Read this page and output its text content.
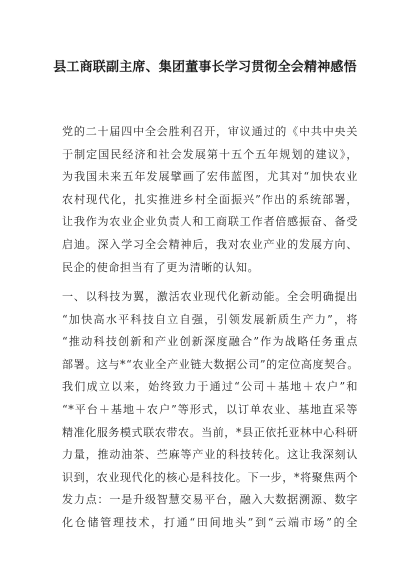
县工商联副主席、集团董事长学习贯彻全会精神感悟
党的二十届四中全会胜利召开，审议通过的《中共中央关
于制定国民经济和社会发展第十五个五年规划的建议》，
为我国未来五年发展擘画了宏伟蓝图，尤其对“加快农业
农村现代化，扎实推进乡村全面振兴”作出的系统部署，
让我作为农业企业负责人和工商联工作者倍感振奋、备受
启迪。深入学习全会精神后，我对农业产业的发展方向、
民企的使命担当有了更为清晰的认知。
一、以科技为翼，激活农业现代化新动能。全会明确提出
“加快高水平科技自立自强，引领发展新质生产力”，将
“推动科技创新和产业创新深度融合”作为战略任务重点
部署。这与*“农业全产业链大数据公司”的定位高度契合。
我们成立以来，始终致力于通过“公司＋基地＋农户”和
“*平台＋基地＋农户”等形式，以订单农业、基地直采等
精准化服务模式联农带农。当前，*县正依托亚林中心科研
力量，推动油茶、苎麻等产业的科技转化。这让我深刻认
识到，农业现代化的核心是科技化。下一步，*将聚焦两个
发力点：一是升级智慧交易平台，融入大数据溯源、数字
化仓储管理技术，打通“田间地头”到“云端市场”的全
